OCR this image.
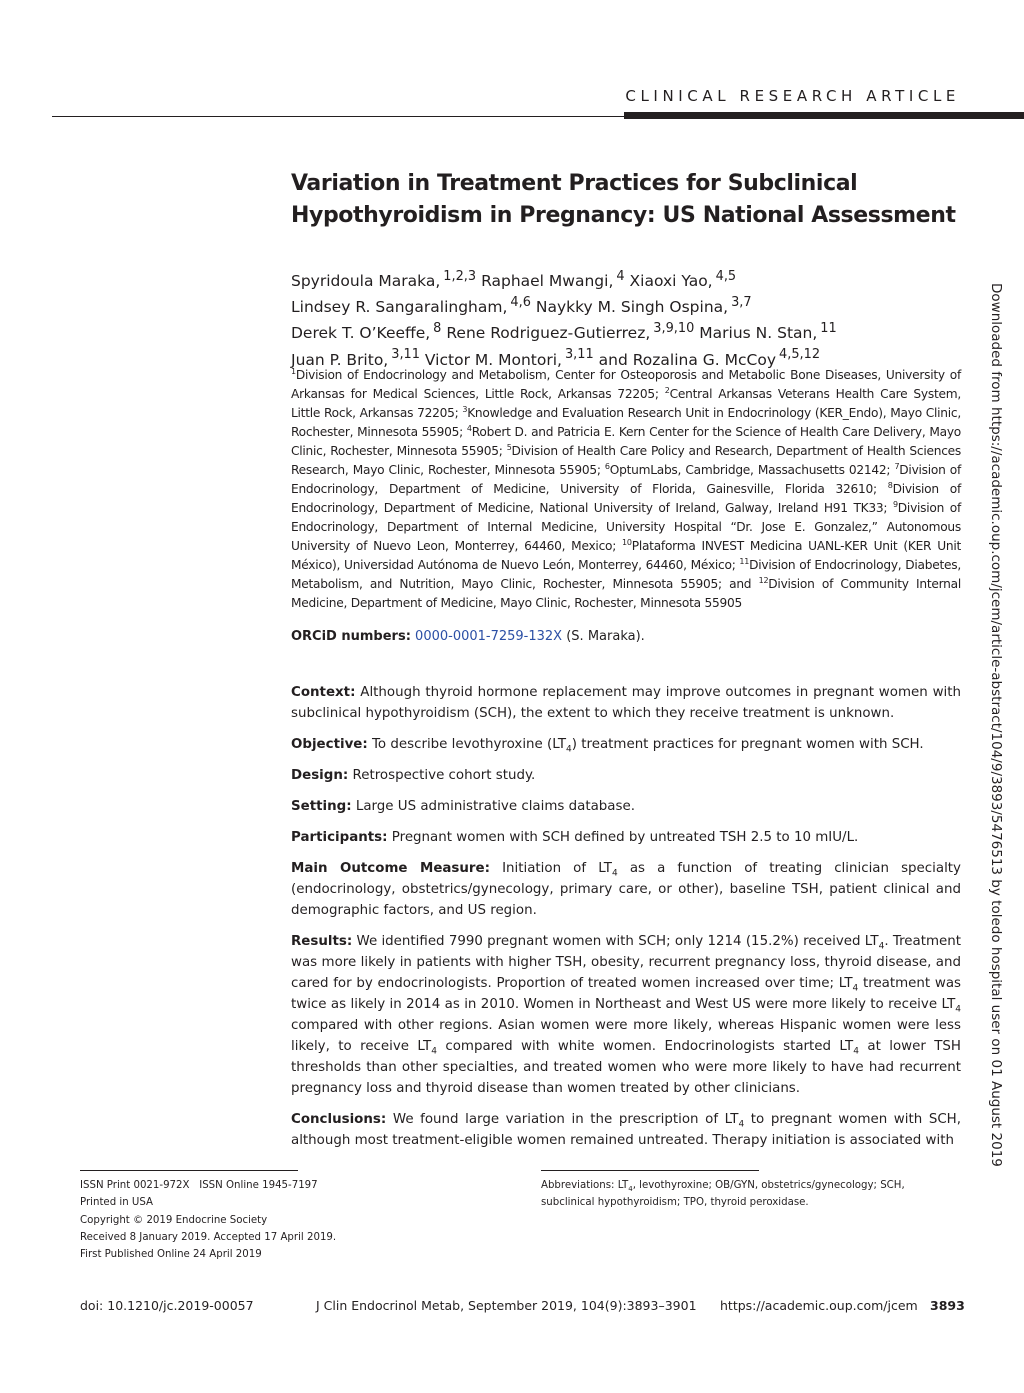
CLINICAL RESEARCH ARTICLE
Variation in Treatment Practices for Subclinical Hypothyroidism in Pregnancy: US National Assessment
Spyridoula Maraka, $^{1,2,3}$ Raphael Mwangi, $^4$ Xiaoxi Yao, $^{4,5}$
Lindsey R. Sangaralingham, $^{4,6}$ Naykky M. Singh Ospina, $^{3,7}$
Derek T. O’Keeffe, $^8$ Rene Rodriguez-Gutierrez, $^{3,9,10}$ Marius N. Stan, $^{11}$
Juan P. Brito, $^{3,11}$ Victor M. Montori, $^{3,11}$ and Rozalina G. McCoy $^{4,5,12}$
$^1$Division of Endocrinology and Metabolism, Center for Osteoporosis and Metabolic Bone Diseases, University of Arkansas for Medical Sciences, Little Rock, Arkansas 72205; $^2$Central Arkansas Veterans Health Care System, Little Rock, Arkansas 72205; $^3$Knowledge and Evaluation Research Unit in Endocrinology (KER_Endo), Mayo Clinic, Rochester, Minnesota 55905; $^4$Robert D. and Patricia E. Kern Center for the Science of Health Care Delivery, Mayo Clinic, Rochester, Minnesota 55905; $^5$Division of Health Care Policy and Research, Department of Health Sciences Research, Mayo Clinic, Rochester, Minnesota 55905; $^6$OptumLabs, Cambridge, Massachusetts 02142; $^7$Division of Endocrinology, Department of Medicine, University of Florida, Gainesville, Florida 32610; $^8$Division of Endocrinology, Department of Medicine, National University of Ireland, Galway, Ireland H91 TK33; $^9$Division of Endocrinology, Department of Internal Medicine, University Hospital “Dr. Jose E. Gonzalez,” Autonomous University of Nuevo Leon, Monterrey, 64460, Mexico; $^{10}$Plataforma INVEST Medicina UANL-KER Unit (KER Unit México), Universidad Autónoma de Nuevo León, Monterrey, 64460, México; $^{11}$Division of Endocrinology, Diabetes, Metabolism, and Nutrition, Mayo Clinic, Rochester, Minnesota 55905; and $^{12}$Division of Community Internal Medicine, Department of Medicine, Mayo Clinic, Rochester, Minnesota 55905
ORCiD numbers: 0000-0001-7259-132X (S. Maraka).

Context: Although thyroid hormone replacement may improve outcomes in pregnant women with subclinical hypothyroidism (SCH), the extent to which they receive treatment is unknown.

Objective: To describe levothyroxine $(LT_4)$ treatment practices for pregnant women with SCH.

Design: Retrospective cohort study.

Setting: Large US administrative claims database.

Participants: Pregnant women with SCH defined by untreated TSH 2.5 to 10 mIU/L.

Main Outcome Measure: Initiation of $LT_4$ as a function of treating clinician specialty (endocrinology, obstetrics/gynecology, primary care, or other), baseline TSH, patient clinical and demographic factors, and US region.

Results: We identified 7990 pregnant women with SCH; only 1214 (15.2%) received $LT_4$. Treatment was more likely in patients with higher TSH, obesity, recurrent pregnancy loss, thyroid disease, and cared for by endocrinologists. Proportion of treated women increased over time; $LT_4$ treatment was twice as likely in 2014 as in 2010. Women in Northeast and West US were more likely to receive $LT_4$ compared with other regions. Asian women were more likely, whereas Hispanic women were less likely, to receive $LT_4$ compared with white women. Endocrinologists started $LT_4$ at lower TSH thresholds than other specialties, and treated women who were more likely to have had recurrent pregnancy loss and thyroid disease than women treated by other clinicians.

Conclusions: We found large variation in the prescription of $LT_4$ to pregnant women with SCH, although most treatment-eligible women remained untreated. Therapy initiation is associated with	Downloaded from https://academic.oup.com/jcem/article-abstract/104/9/3893/5476513 by toledo hospital user on 01 August 2019
ISSN Print 0021-972X   ISSN Online 1945-7197
Printed in USA
Copyright © 2019 Endocrine Society
Received 8 January 2019. Accepted 17 April 2019.
First Published Online 24 April 2019
Abbreviations: $LT_4$, levothyroxine; OB/GYN, obstetrics/gynecology; SCH, subclinical hypothyroidism; TPO, thyroid peroxidase.
doi: 10.1210/jc.2019-00057	J Clin Endocrinol Metab, September 2019, 104(9):3893–3901 https://academic.oup.com/jcem 3893
